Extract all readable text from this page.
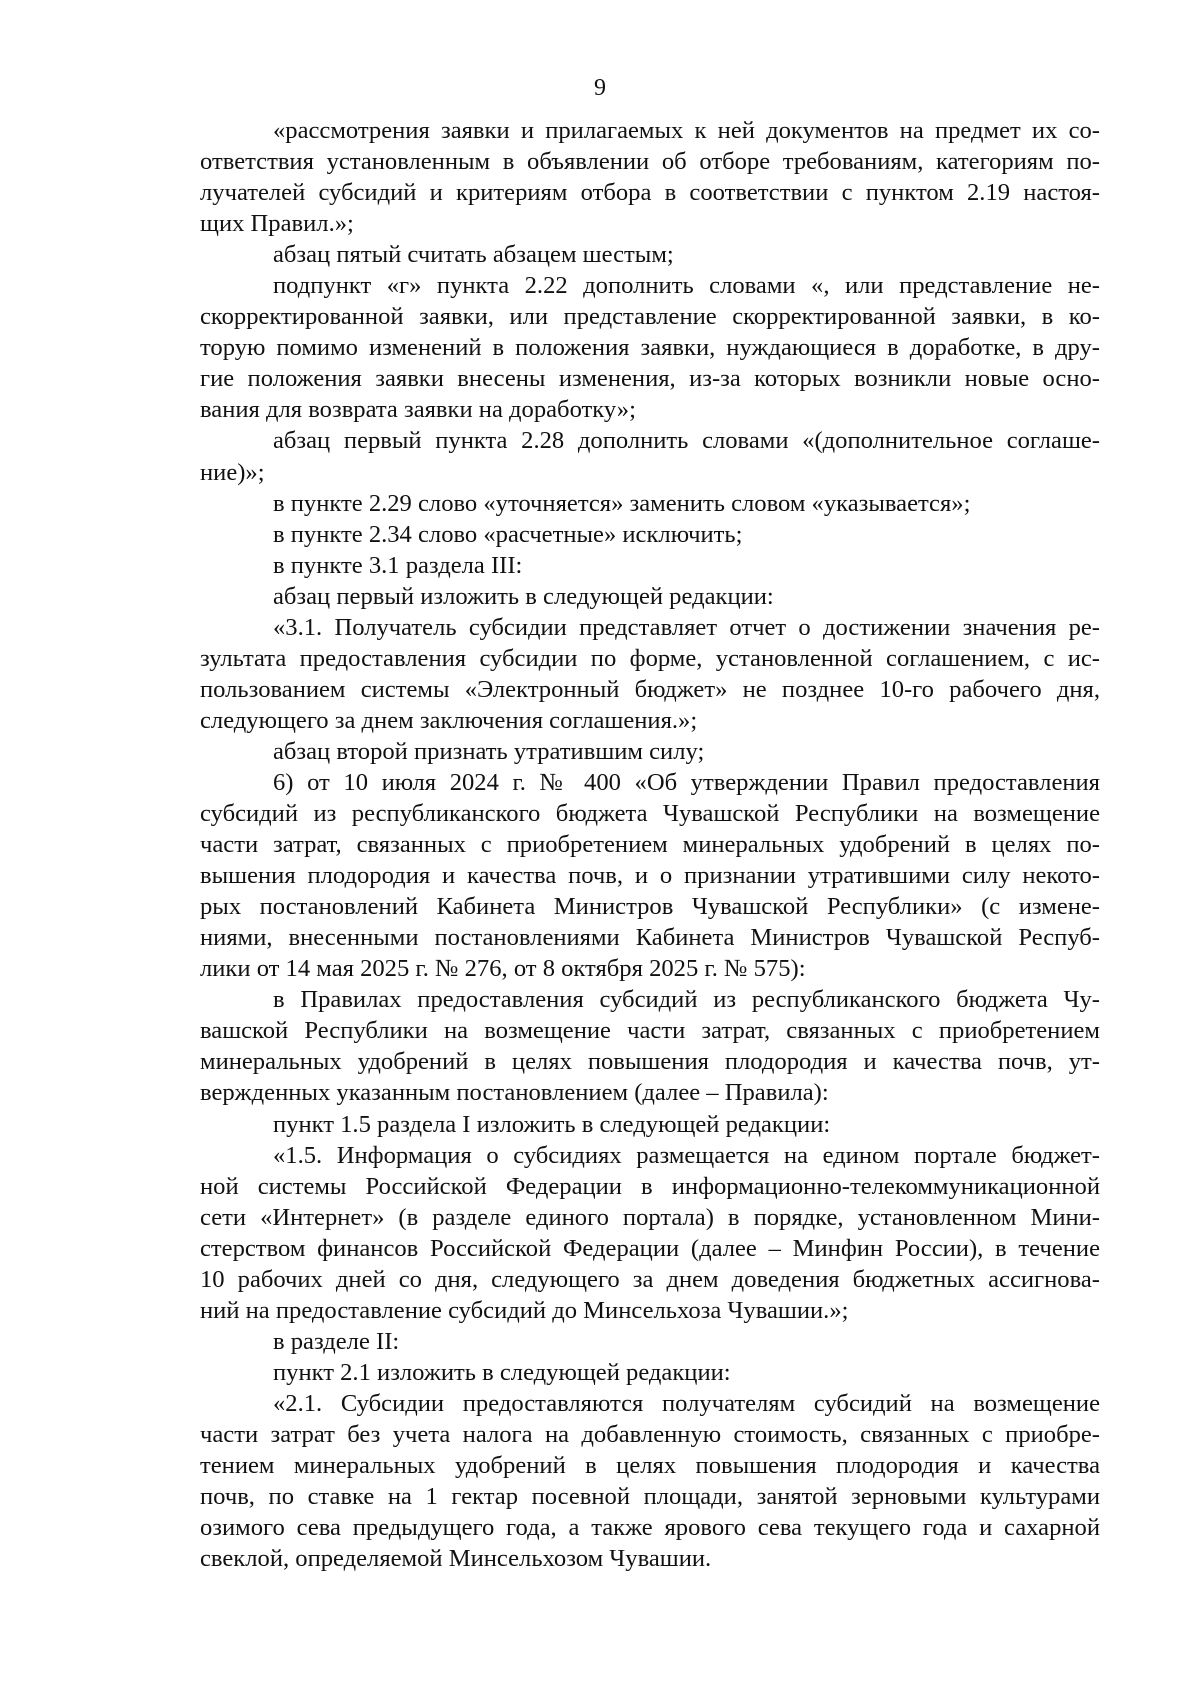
9
«рассмотрения заявки и прилагаемых к ней документов на предмет их со-
ответствия установленным в объявлении об отборе требованиям, категориям по-
лучателей субсидий и критериям отбора в соответствии с пунктом 2.19 настоя-
щих Правил.»;
абзац пятый считать абзацем шестым;
подпункт «г» пункта 2.22 дополнить словами «, или представление не-
скорректированной заявки, или представление скорректированной заявки, в ко-
торую помимо изменений в положения заявки, нуждающиеся в доработке, в дру-
гие положения заявки внесены изменения, из-за которых возникли новые осно-
вания для возврата заявки на доработку»;
абзац первый пункта 2.28 дополнить словами «(дополнительное соглаше-
ние)»;
в пункте 2.29 слово «уточняется» заменить словом «указывается»;
в пункте 2.34 слово «расчетные» исключить;
в пункте 3.1 раздела III:
абзац первый изложить в следующей редакции:
«3.1. Получатель субсидии представляет отчет о достижении значения ре-
зультата предоставления субсидии по форме, установленной соглашением, с ис-
пользованием системы «Электронный бюджет» не позднее 10-го рабочего дня,
следующего за днем заключения соглашения.»;
абзац второй признать утратившим силу;
6) от 10 июля 2024 г. № 400 «Об утверждении Правил предоставления
субсидий из республиканского бюджета Чувашской Республики на возмещение
части затрат, связанных с приобретением минеральных удобрений в целях по-
вышения плодородия и качества почв, и о признании утратившими силу некото-
рых постановлений Кабинета Министров Чувашской Республики» (с измене-
ниями, внесенными постановлениями Кабинета Министров Чувашской Респуб-
лики от 14 мая 2025 г. № 276, от 8 октября 2025 г. № 575):
в Правилах предоставления субсидий из республиканского бюджета Чу-
вашской Республики на возмещение части затрат, связанных с приобретением
минеральных удобрений в целях повышения плодородия и качества почв, ут-
вержденных указанным постановлением (далее – Правила):
пункт 1.5 раздела I изложить в следующей редакции:
«1.5. Информация о субсидиях размещается на едином портале бюджет-
ной системы Российской Федерации в информационно-телекоммуникационной
сети «Интернет» (в разделе единого портала) в порядке, установленном Мини-
стерством финансов Российской Федерации (далее – Минфин России), в течение
10 рабочих дней со дня, следующего за днем доведения бюджетных ассигнова-
ний на предоставление субсидий до Минсельхоза Чувашии.»;
в разделе II:
пункт 2.1 изложить в следующей редакции:
«2.1. Субсидии предоставляются получателям субсидий на возмещение
части затрат без учета налога на добавленную стоимость, связанных с приобре-
тением минеральных удобрений в целях повышения плодородия и качества
почв, по ставке на 1 гектар посевной площади, занятой зерновыми культурами
озимого сева предыдущего года, а также ярового сева текущего года и сахарной
свеклой, определяемой Минсельхозом Чувашии.
